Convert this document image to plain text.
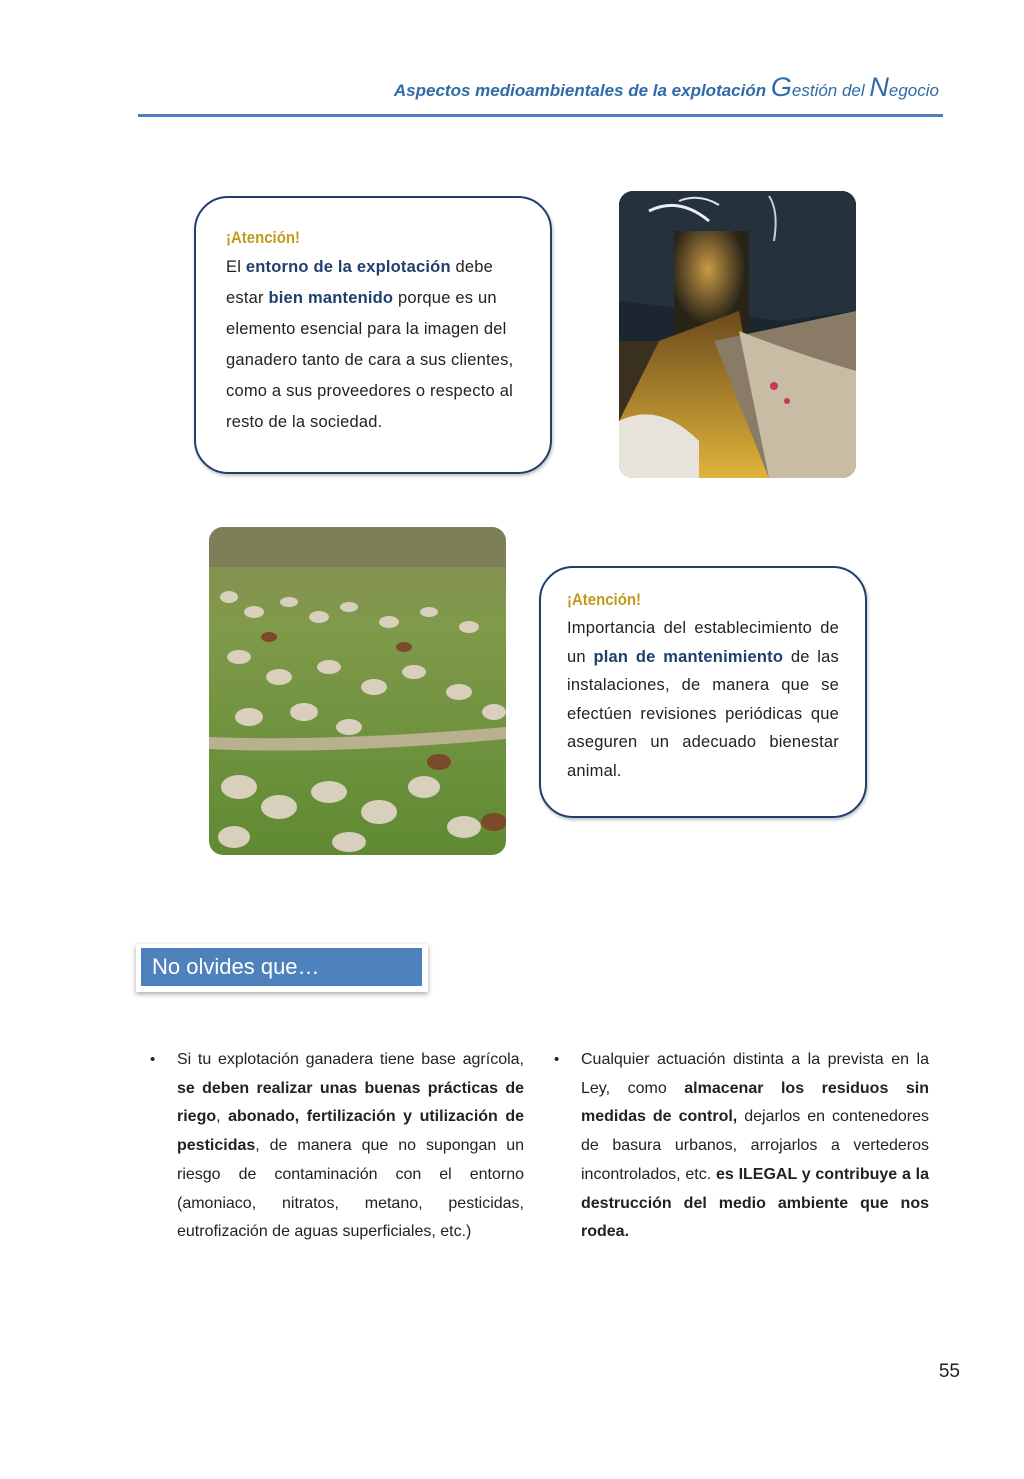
Aspectos medioambientales de la explotación Gestión del Negocio
¡Atención!

El entorno de la explotación debe estar bien mantenido porque es un elemento esencial para la imagen del
ganadero tanto de cara a sus clientes, como a sus proveedores o respecto al resto de la sociedad.

¡Atención!

Importancia del establecimiento de un plan de mantenimiento de las instalaciones, de manera que se efectúen revisiones periódicas que aseguren un adecuado bienestar animal.

No olvides que…
•	Si tu explotación ganadera tiene base agrícola, se deben realizar unas buenas prácticas de riego, abonado, fertilización y utilización de pesticidas, de manera que no supongan un riesgo de contaminación con el entorno (amoniaco, nitratos, metano, pesticidas, eutrofización de aguas superficiales, etc.)
•	Cualquier actuación distinta a la prevista en la Ley, como almacenar los residuos sin medidas de control, dejarlos en contenedores de basura urbanos, arrojarlos a vertederos incontrolados, etc. es ILEGAL y contribuye a la destrucción del medio ambiente que nos rodea.
55
